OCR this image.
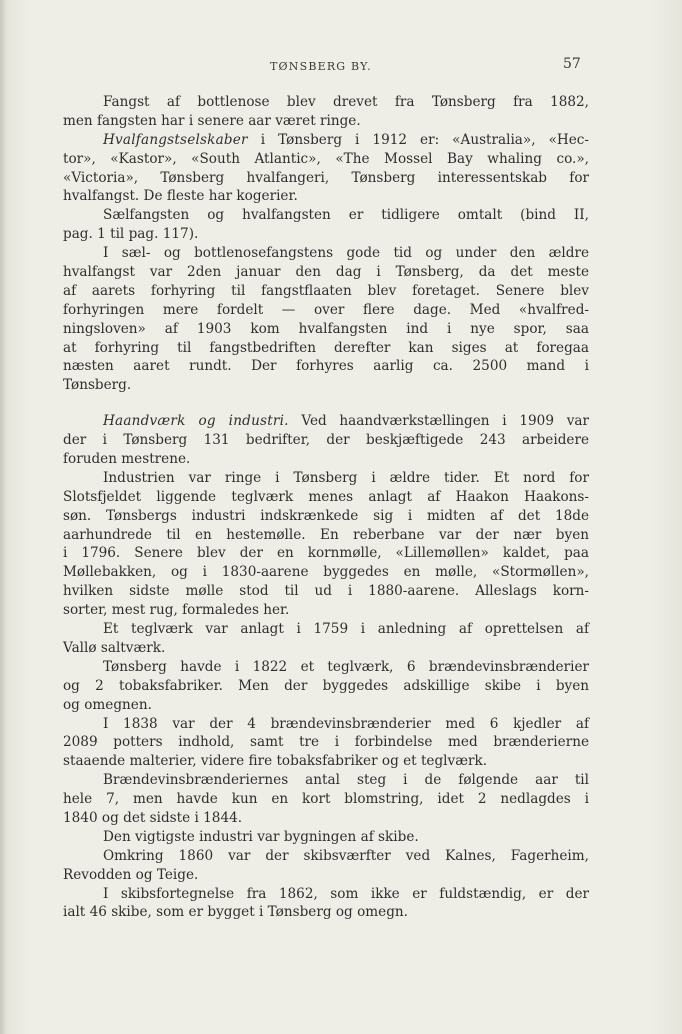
TØNSBERG BY.	57
Fangst af bottlenose blev drevet fra Tønsberg fra 1882,
men fangsten har i senere aar været ringe.
Hvalfangstselskaber i Tønsberg i 1912 er: «Australia», «Hec-
tor», «Kastor», «South Atlantic», «The Mossel Bay whaling co.»,
«Victoria», Tønsberg hvalfangeri, Tønsberg interessentskab for
hvalfangst. De fleste har kogerier.
Sælfangsten og hvalfangsten er tidligere omtalt (bind II,
pag. 1 til pag. 117).
I sæl- og bottlenosefangstens gode tid og under den ældre
hvalfangst var 2den januar den dag i Tønsberg, da det meste
af aarets forhyring til fangstflaaten blev foretaget. Senere blev
forhyringen mere fordelt — over flere dage. Med «hvalfred-
ningsloven» af 1903 kom hvalfangsten ind i nye spor, saa
at forhyring til fangstbedriften derefter kan siges at foregaa
næsten aaret rundt. Der forhyres aarlig ca. 2500 mand i
Tønsberg.
Haandværk og industri. Ved haandværkstællingen i 1909 var
der i Tønsberg 131 bedrifter, der beskjæftigede 243 arbeidere
foruden mestrene.
Industrien var ringe i Tønsberg i ældre tider. Et nord for
Slotsfjeldet liggende teglværk menes anlagt af Haakon Haakons-
søn. Tønsbergs industri indskrænkede sig i midten af det 18de
aarhundrede til en hestemølle. En reberbane var der nær byen
i 1796. Senere blev der en kornmølle, «Lillemøllen» kaldet, paa
Møllebakken, og i 1830-aarene byggedes en mølle, «Stormøllen»,
hvilken sidste mølle stod til ud i 1880-aarene. Alleslags korn-
sorter, mest rug, formaledes her.
Et teglværk var anlagt i 1759 i anledning af oprettelsen af
Vallø saltværk.
Tønsberg havde i 1822 et teglværk, 6 brændevinsbrænderier
og 2 tobaksfabriker. Men der byggedes adskillige skibe i byen
og omegnen.
I 1838 var der 4 brændevinsbrænderier med 6 kjedler af
2089 potters indhold, samt tre i forbindelse med brænderierne
staaende malterier, videre fire tobaksfabriker og et teglværk.
Brændevinsbrænderiernes antal steg i de følgende aar til
hele 7, men havde kun en kort blomstring, idet 2 nedlagdes i
1840 og det sidste i 1844.
Den vigtigste industri var bygningen af skibe.
Omkring 1860 var der skibsværfter ved Kalnes, Fagerheim,
Revodden og Teige.
I skibsfortegnelse fra 1862, som ikke er fuldstændig, er der
ialt 46 skibe, som er bygget i Tønsberg og omegn.
